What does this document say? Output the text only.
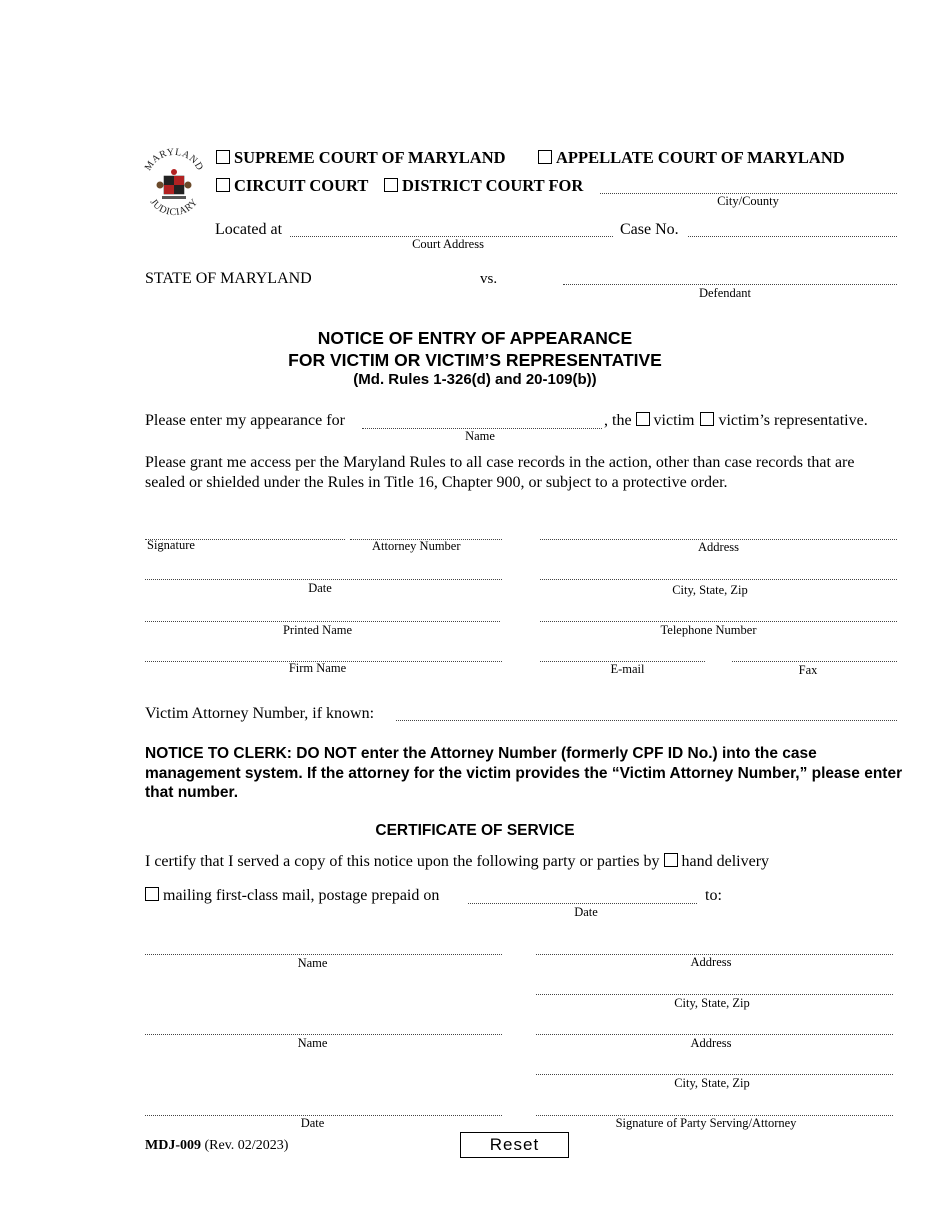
MARYLAND
JUDICIARY
SUPREME COURT OF MARYLAND	APPELLATE COURT OF MARYLAND
CIRCUIT COURT	DISTRICT COURT FOR
City/County
Located at
Court Address
Case No.
STATE OF MARYLAND	vs.
Defendant
NOTICE OF ENTRY OF APPEARANCE
FOR VICTIM OR VICTIM’S REPRESENTATIVE
(Md. Rules 1-326(d) and 20-109(b))
Please enter my appearance for
Name
, the victim victim’s representative.
Please grant me access per the Maryland Rules to all case records in the action, other than case records that are sealed or shielded under the Rules in Title 16, Chapter 900, or subject to a protective order.
Signature	Attorney Number	Address
Date	City, State, Zip
Printed Name	Telephone Number
Firm Name	E-mail	Fax
Victim Attorney Number, if known:
NOTICE TO CLERK: DO NOT enter the Attorney Number (formerly CPF ID No.) into the case management system. If the attorney for the victim provides the “Victim Attorney Number,” please enter that number.
CERTIFICATE OF SERVICE
I certify that I served a copy of this notice upon the following party or parties by hand delivery
mailing first-class mail, postage prepaid on
Date
to:
Name	Address
City, State, Zip
Name	Address
City, State, Zip
Date	Signature of Party Serving/Attorney
MDJ-009 (Rev. 02/2023)	Reset
